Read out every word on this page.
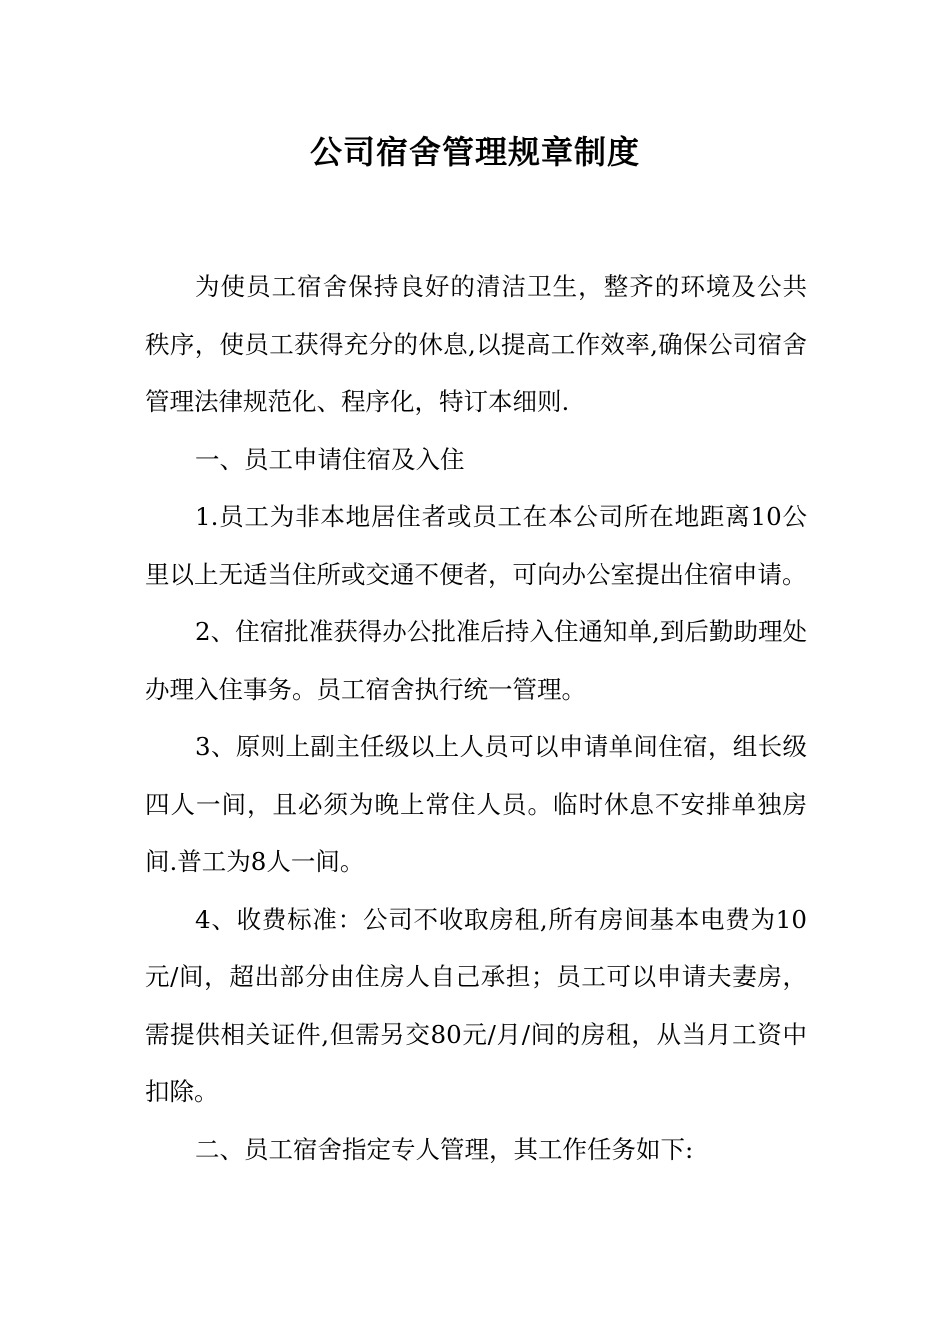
公司宿舍管理规章制度

为使员工宿舍保持良好的清洁卫生，整齐的环境及公共秩序，使员工获得充分的休息,以提高工作效率,确保公司宿舍管理法律规范化、程序化，特订本细则.

一、员工申请住宿及入住

1.员工为非本地居住者或员工在本公司所在地距离10公里以上无适当住所或交通不便者，可向办公室提出住宿申请。

2、住宿批准获得办公批准后持入住通知单,到后勤助理处办理入住事务。员工宿舍执行统一管理。

3、原则上副主任级以上人员可以申请单间住宿，组长级四人一间，且必须为晚上常住人员。临时休息不安排单独房间.普工为8人一间。

4、收费标准：公司不收取房租,所有房间基本电费为10元/间，超出部分由住房人自己承担；员工可以申请夫妻房，需提供相关证件,但需另交80元/月/间的房租，从当月工资中扣除。

二、员工宿舍指定专人管理，其工作任务如下:
